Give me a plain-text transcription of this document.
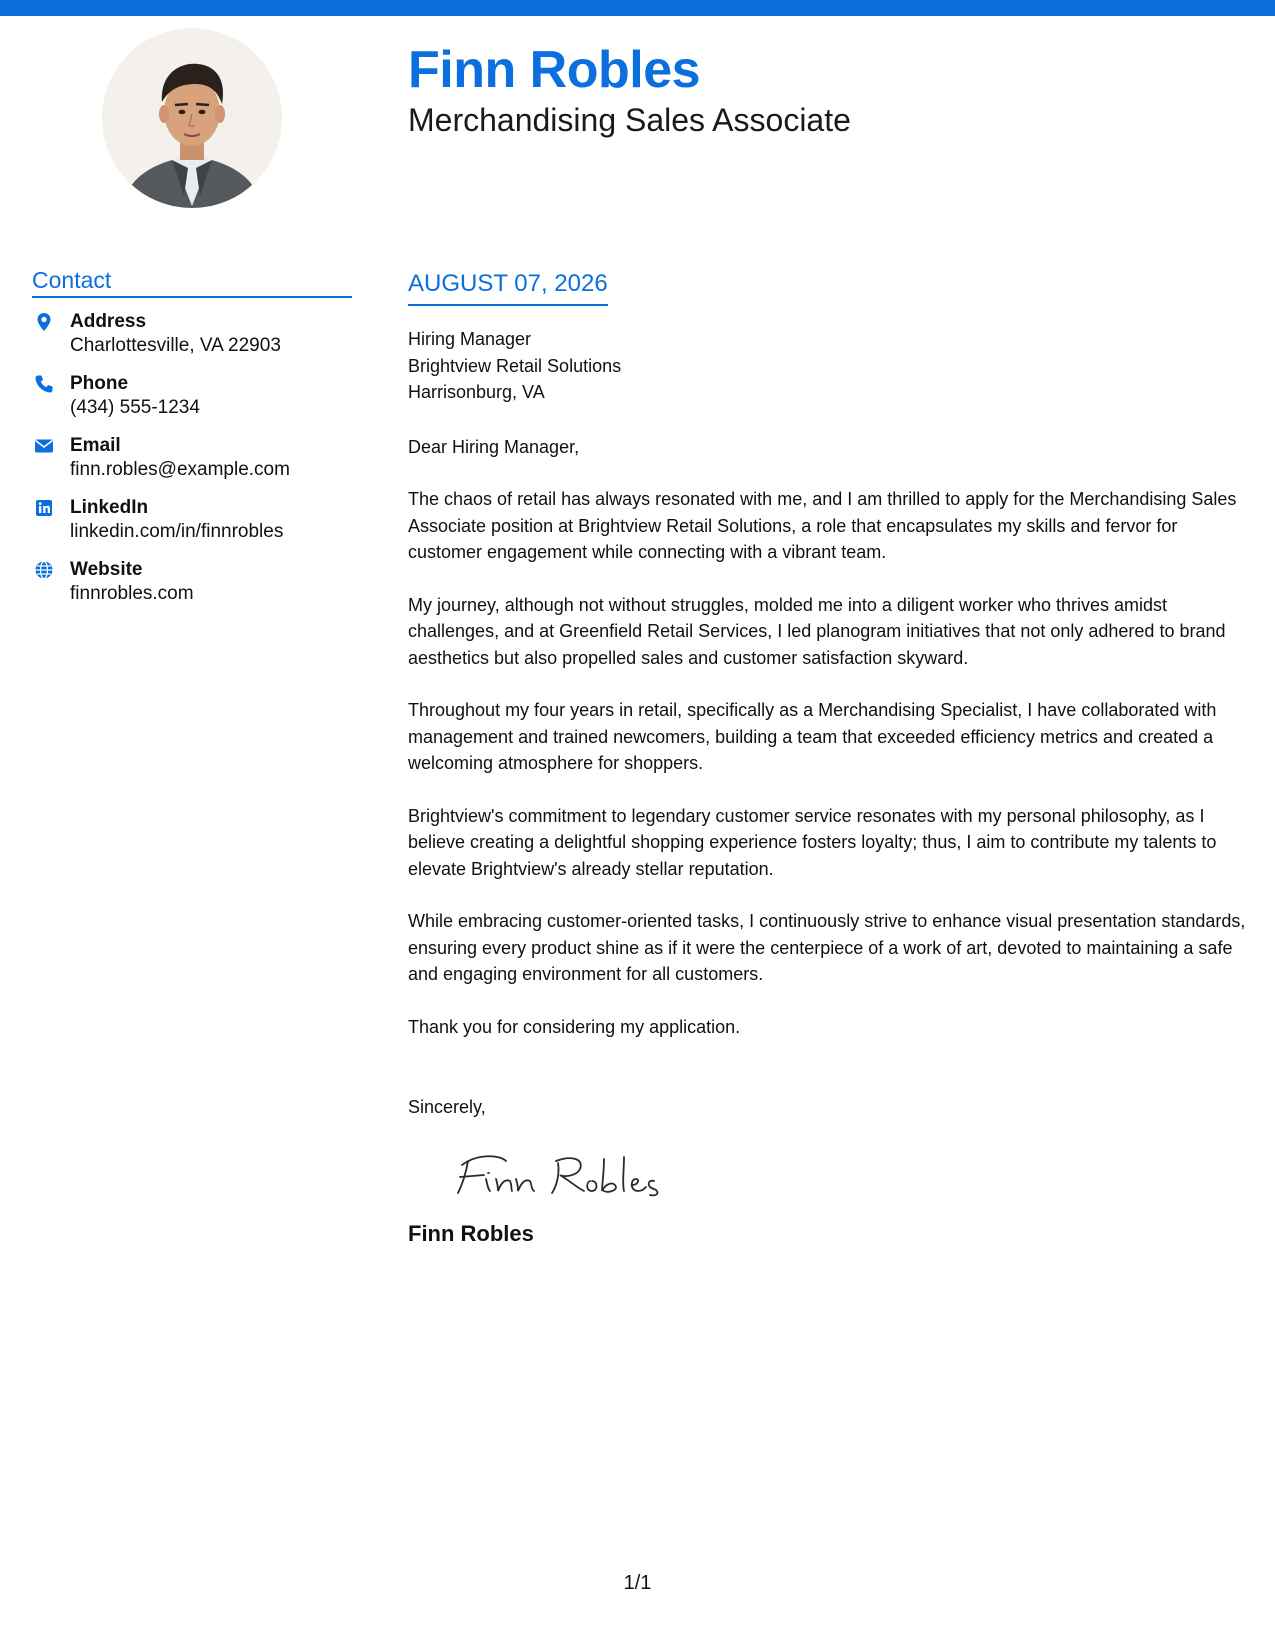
Finn Robles
Merchandising Sales Associate
Contact
Address
Charlottesville, VA 22903
Phone
(434) 555-1234
Email
finn.robles@example.com
LinkedIn
linkedin.com/in/finnrobles
Website
finnrobles.com
AUGUST 07, 2026
Hiring Manager
Brightview Retail Solutions
Harrisonburg, VA
Dear Hiring Manager,
The chaos of retail has always resonated with me, and I am thrilled to apply for the Merchandising Sales Associate position at Brightview Retail Solutions, a role that encapsulates my skills and fervor for customer engagement while connecting with a vibrant team.
My journey, although not without struggles, molded me into a diligent worker who thrives amidst challenges, and at Greenfield Retail Services, I led planogram initiatives that not only adhered to brand aesthetics but also propelled sales and customer satisfaction skyward.
Throughout my four years in retail, specifically as a Merchandising Specialist, I have collaborated with management and trained newcomers, building a team that exceeded efficiency metrics and created a welcoming atmosphere for shoppers.
Brightview's commitment to legendary customer service resonates with my personal philosophy, as I believe creating a delightful shopping experience fosters loyalty; thus, I aim to contribute my talents to elevate Brightview's already stellar reputation.
While embracing customer-oriented tasks, I continuously strive to enhance visual presentation standards, ensuring every product shine as if it were the centerpiece of a work of art, devoted to maintaining a safe and engaging environment for all customers.
Thank you for considering my application.
Sincerely,
Finn Robles
1/1
